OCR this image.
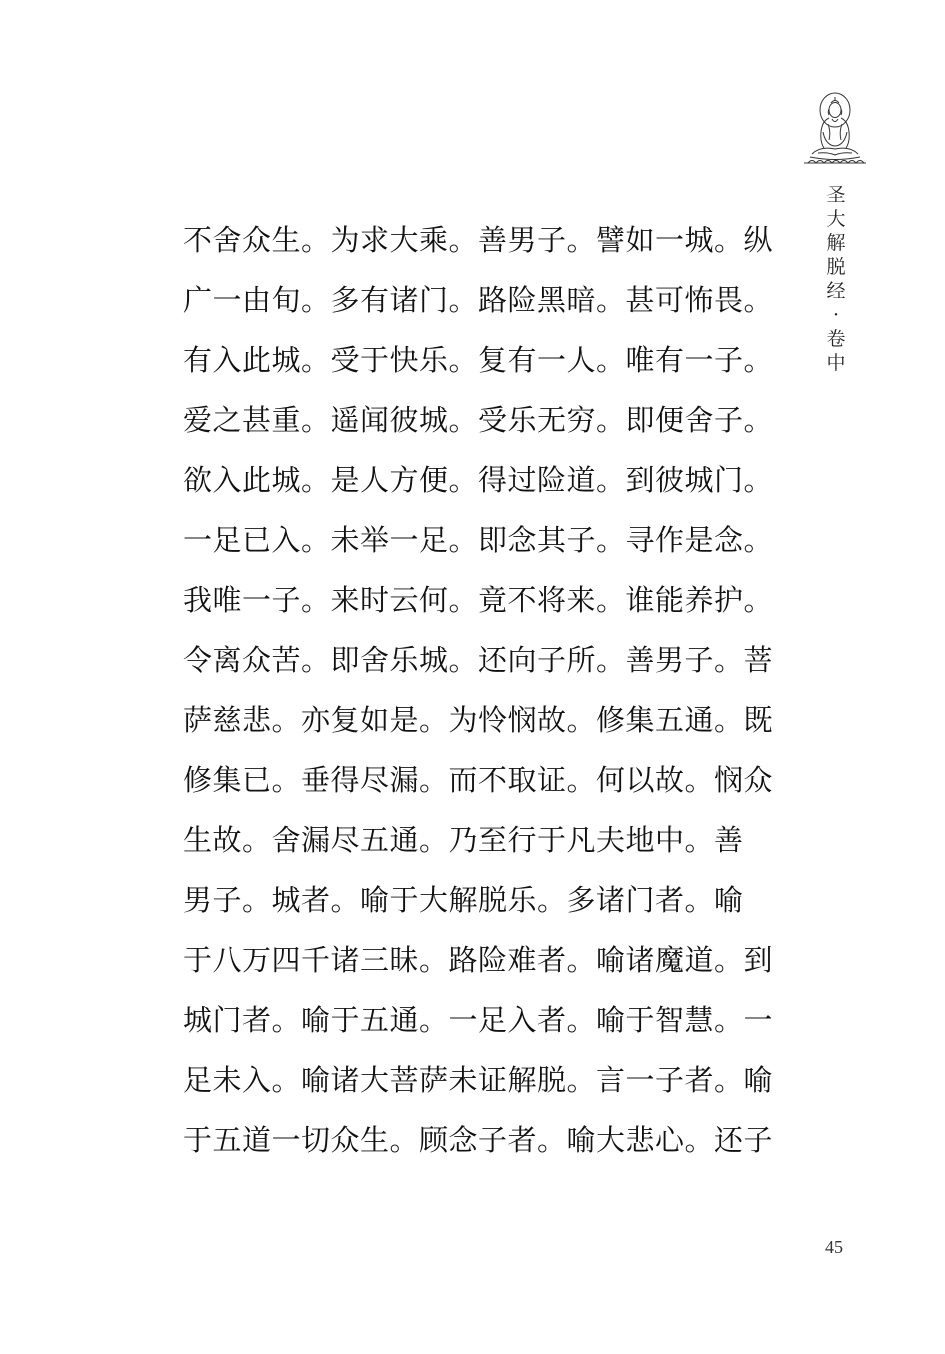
圣
大
解
脱
经
·
卷
中
不舍众生。为求大乘。善男子。譬如一城。纵
广一由旬。多有诸门。路险黑暗。甚可怖畏。
有入此城。受于快乐。复有一人。唯有一子。
爱之甚重。遥闻彼城。受乐无穷。即便舍子。
欲入此城。是人方便。得过险道。到彼城门。
一足已入。未举一足。即念其子。寻作是念。
我唯一子。来时云何。竟不将来。谁能养护。
令离众苦。即舍乐城。还向子所。善男子。菩
萨慈悲。亦复如是。为怜悯故。修集五通。既
修集已。垂得尽漏。而不取证。何以故。悯众
生故。舍漏尽五通。乃至行于凡夫地中。善
男子。城者。喻于大解脱乐。多诸门者。喻
于八万四千诸三昧。路险难者。喻诸魔道。到
城门者。喻于五通。一足入者。喻于智慧。一
足未入。喻诸大菩萨未证解脱。言一子者。喻
于五道一切众生。顾念子者。喻大悲心。还子
45
